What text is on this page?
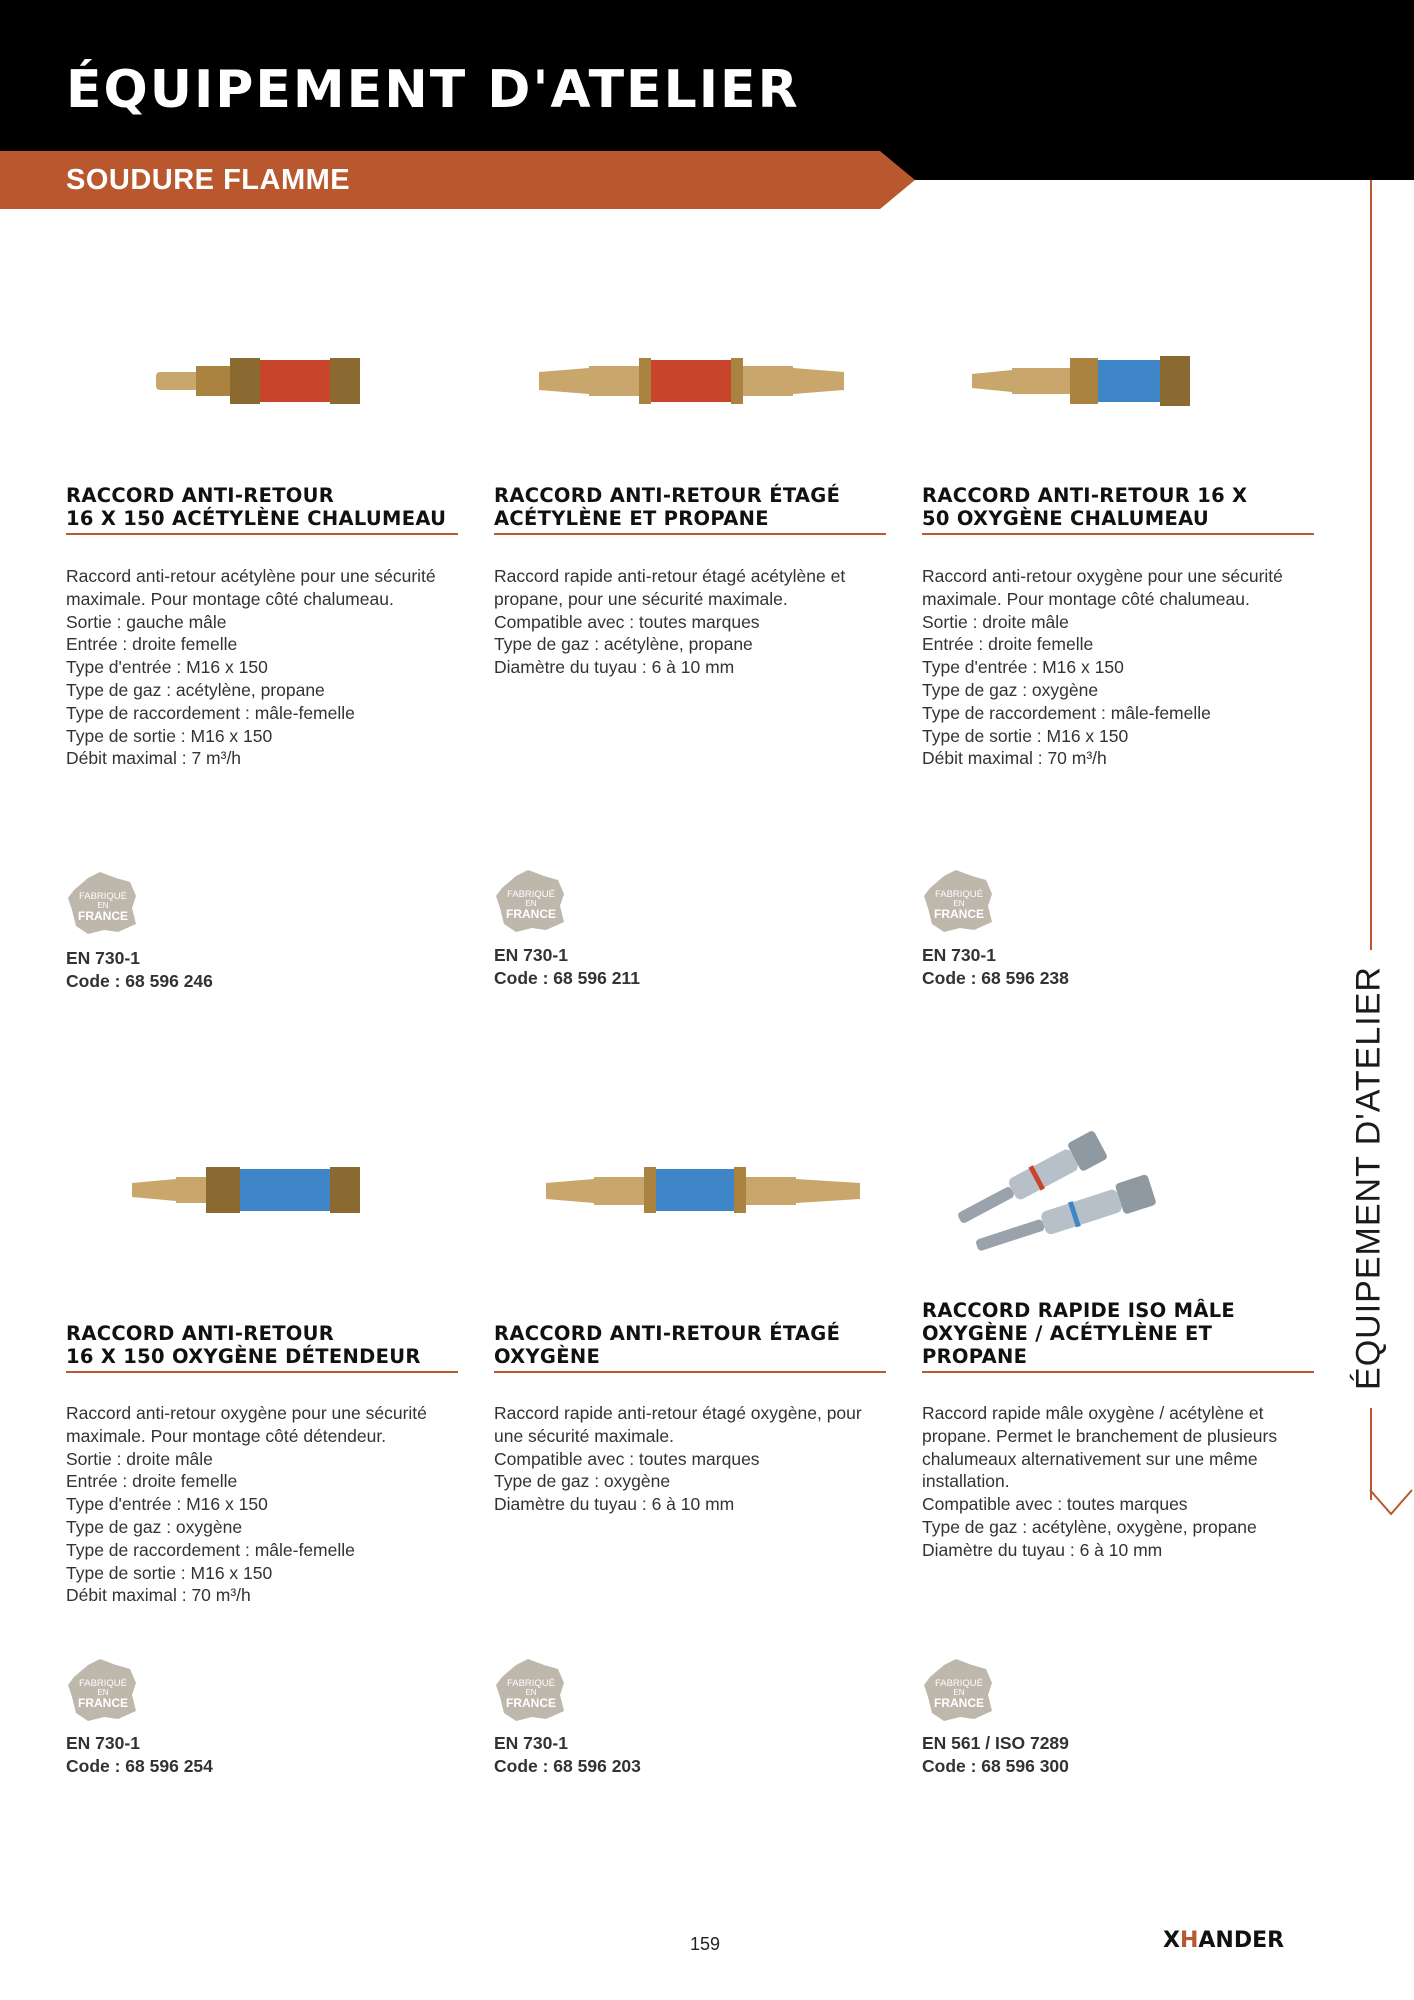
ÉQUIPEMENT D'ATELIER
SOUDURE FLAMME
ÉQUIPEMENT D'ATELIER
RACCORD ANTI-RETOUR
16 X 150 ACÉTYLÈNE CHALUMEAU
Raccord anti-retour acétylène pour une sécurité maximale. Pour montage côté chalumeau.
Sortie : gauche mâle
Entrée : droite femelle
Type d'entrée : M16 x 150
Type de gaz : acétylène, propane
Type de raccordement : mâle-femelle
Type de sortie : M16 x 150
Débit maximal : 7 m³/h
FABRIQUÉ
EN
FRANCE
EN 730-1
Code : 68 596 246
RACCORD ANTI-RETOUR ÉTAGÉ
ACÉTYLÈNE ET PROPANE
Raccord rapide anti-retour étagé acétylène et propane, pour une sécurité maximale.
Compatible avec : toutes marques
Type de gaz : acétylène, propane
Diamètre du tuyau : 6 à 10 mm
FABRIQUÉ
EN
FRANCE
EN 730-1
Code : 68 596 211
RACCORD ANTI-RETOUR 16 X
50 OXYGÈNE CHALUMEAU
Raccord anti-retour oxygène pour une sécurité maximale. Pour montage côté chalumeau.
Sortie : droite mâle
Entrée : droite femelle
Type d'entrée : M16 x 150
Type de gaz : oxygène
Type de raccordement : mâle-femelle
Type de sortie : M16 x 150
Débit maximal : 70 m³/h
FABRIQUÉ
EN
FRANCE
EN 730-1
Code : 68 596 238
RACCORD ANTI-RETOUR
16 X 150 OXYGÈNE DÉTENDEUR
Raccord anti-retour oxygène pour une sécurité maximale. Pour montage côté détendeur.
Sortie : droite mâle
Entrée : droite femelle
Type d'entrée : M16 x 150
Type de gaz : oxygène
Type de raccordement : mâle-femelle
Type de sortie : M16 x 150
Débit maximal : 70 m³/h
FABRIQUÉ
EN
FRANCE
EN 730-1
Code : 68 596 254
RACCORD ANTI-RETOUR ÉTAGÉ
OXYGÈNE
Raccord rapide anti-retour étagé oxygène, pour une sécurité maximale.
Compatible avec : toutes marques
Type de gaz : oxygène
Diamètre du tuyau : 6 à 10 mm
FABRIQUÉ
EN
FRANCE
EN 730-1
Code : 68 596 203
RACCORD RAPIDE ISO MÂLE
OXYGÈNE / ACÉTYLÈNE ET
PROPANE
Raccord rapide mâle oxygène / acétylène et propane. Permet le branchement de plusieurs chalumeaux alternativement sur une même installation.
Compatible avec : toutes marques
Type de gaz : acétylène, oxygène, propane
Diamètre du tuyau : 6 à 10 mm
FABRIQUÉ
EN
FRANCE
EN 561 / ISO 7289
Code : 68 596 300
159	XHANDER
